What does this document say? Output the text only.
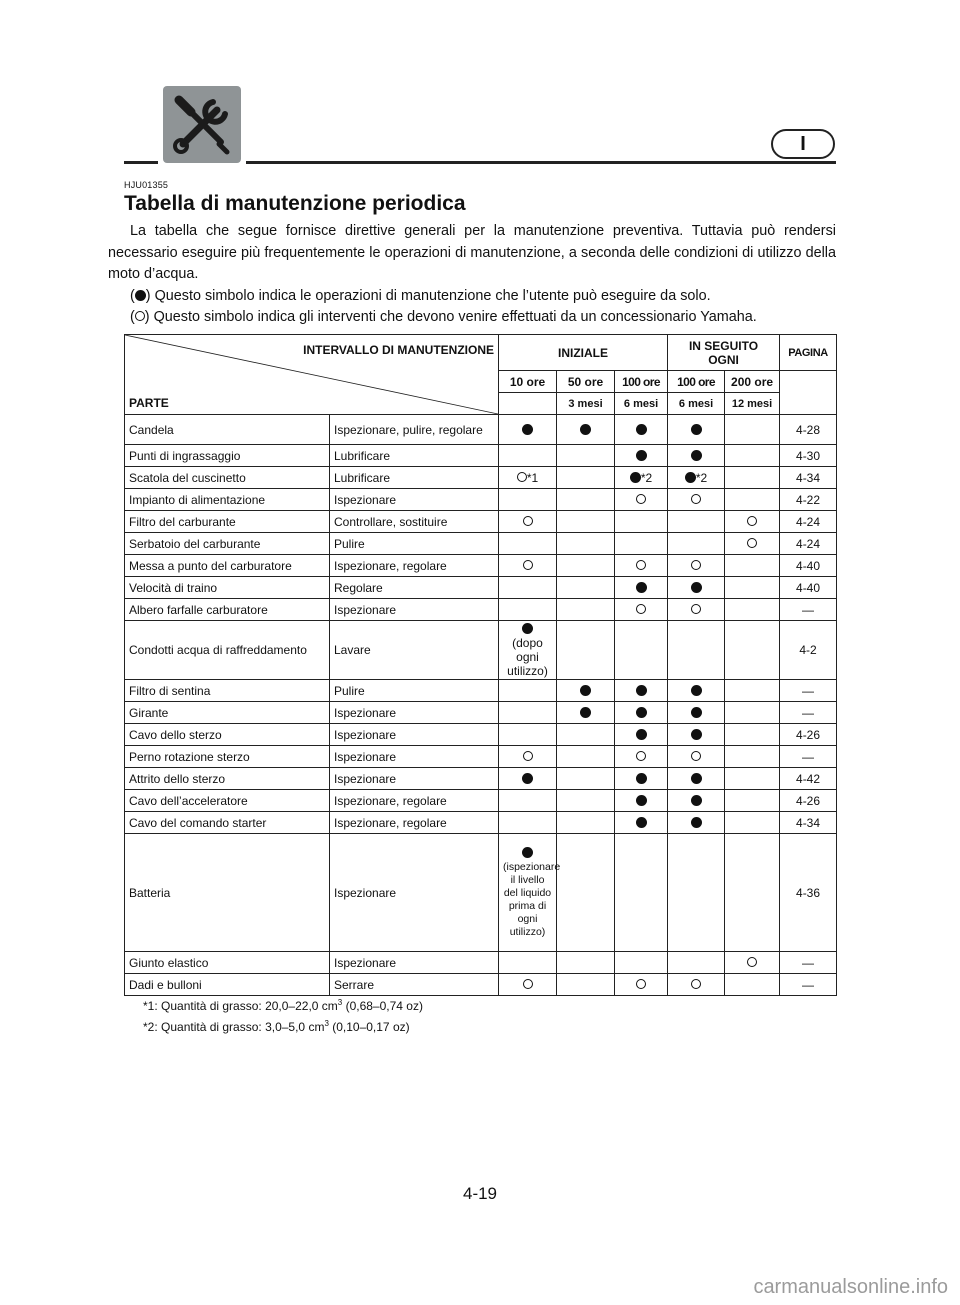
I
HJU01355
Tabella di manutenzione periodica

La tabella che segue fornisce direttive generali per la manutenzione preventiva. Tuttavia può rendersi necessario eseguire più frequentemente le operazioni di manutenzione, a seconda delle condizioni di utilizzo della moto d’acqua.

( ) Questo simbolo indica le operazioni di manutenzione che l’utente può eseguire da solo.

( ) Questo simbolo indica gli interventi che devono venire effettuati da un concessionario Yamaha.

INTERVALLO DI MANUTENZIONE
PARTE		INIZIALE			IN SEGUITO OGNI		PAGINA
		10 ore	50 ore	100 ore	100 ore	200 ore	
			3 mesi	6 mesi	6 mesi	12 mesi	
Candela	Ispezionare, pulire, regolare						4-28
Punti di ingrassaggio	Lubrificare						4-30
Scatola del cuscinetto	Lubrificare	*1		*2	*2		4-34
Impianto di alimentazione	Ispezionare						4-22
Filtro del carburante	Controllare, sostituire						4-24
Serbatoio del carburante	Pulire						4-24
Messa a punto del carburatore	Ispezionare, regolare						4-40
Velocità di traino	Regolare						4-40
Albero farfalle carburatore	Ispezionare						—
Condotti acqua di raffreddamento	Lavare	(dopo ogni utilizzo)					4-2
Filtro di sentina	Pulire						—
Girante	Ispezionare						—
Cavo dello sterzo	Ispezionare						4-26
Perno rotazione sterzo	Ispezionare						—
Attrito dello sterzo	Ispezionare						4-42
Cavo dell’acceleratore	Ispezionare, regolare						4-26
Cavo del comando starter	Ispezionare, regolare						4-34
Batteria	Ispezionare	(ispezionare il livello del liquido prima di ogni utilizzo)					4-36
Giunto elastico	Ispezionare						—
Dadi e bulloni	Serrare						—
*1: Quantità di grasso: 20,0–22,0 $cm^3$ (0,68–0,74 oz)
*2: Quantità di grasso: 3,0–5,0 $cm^3$ (0,10–0,17 oz)
4-19
carmanualsonline.info
